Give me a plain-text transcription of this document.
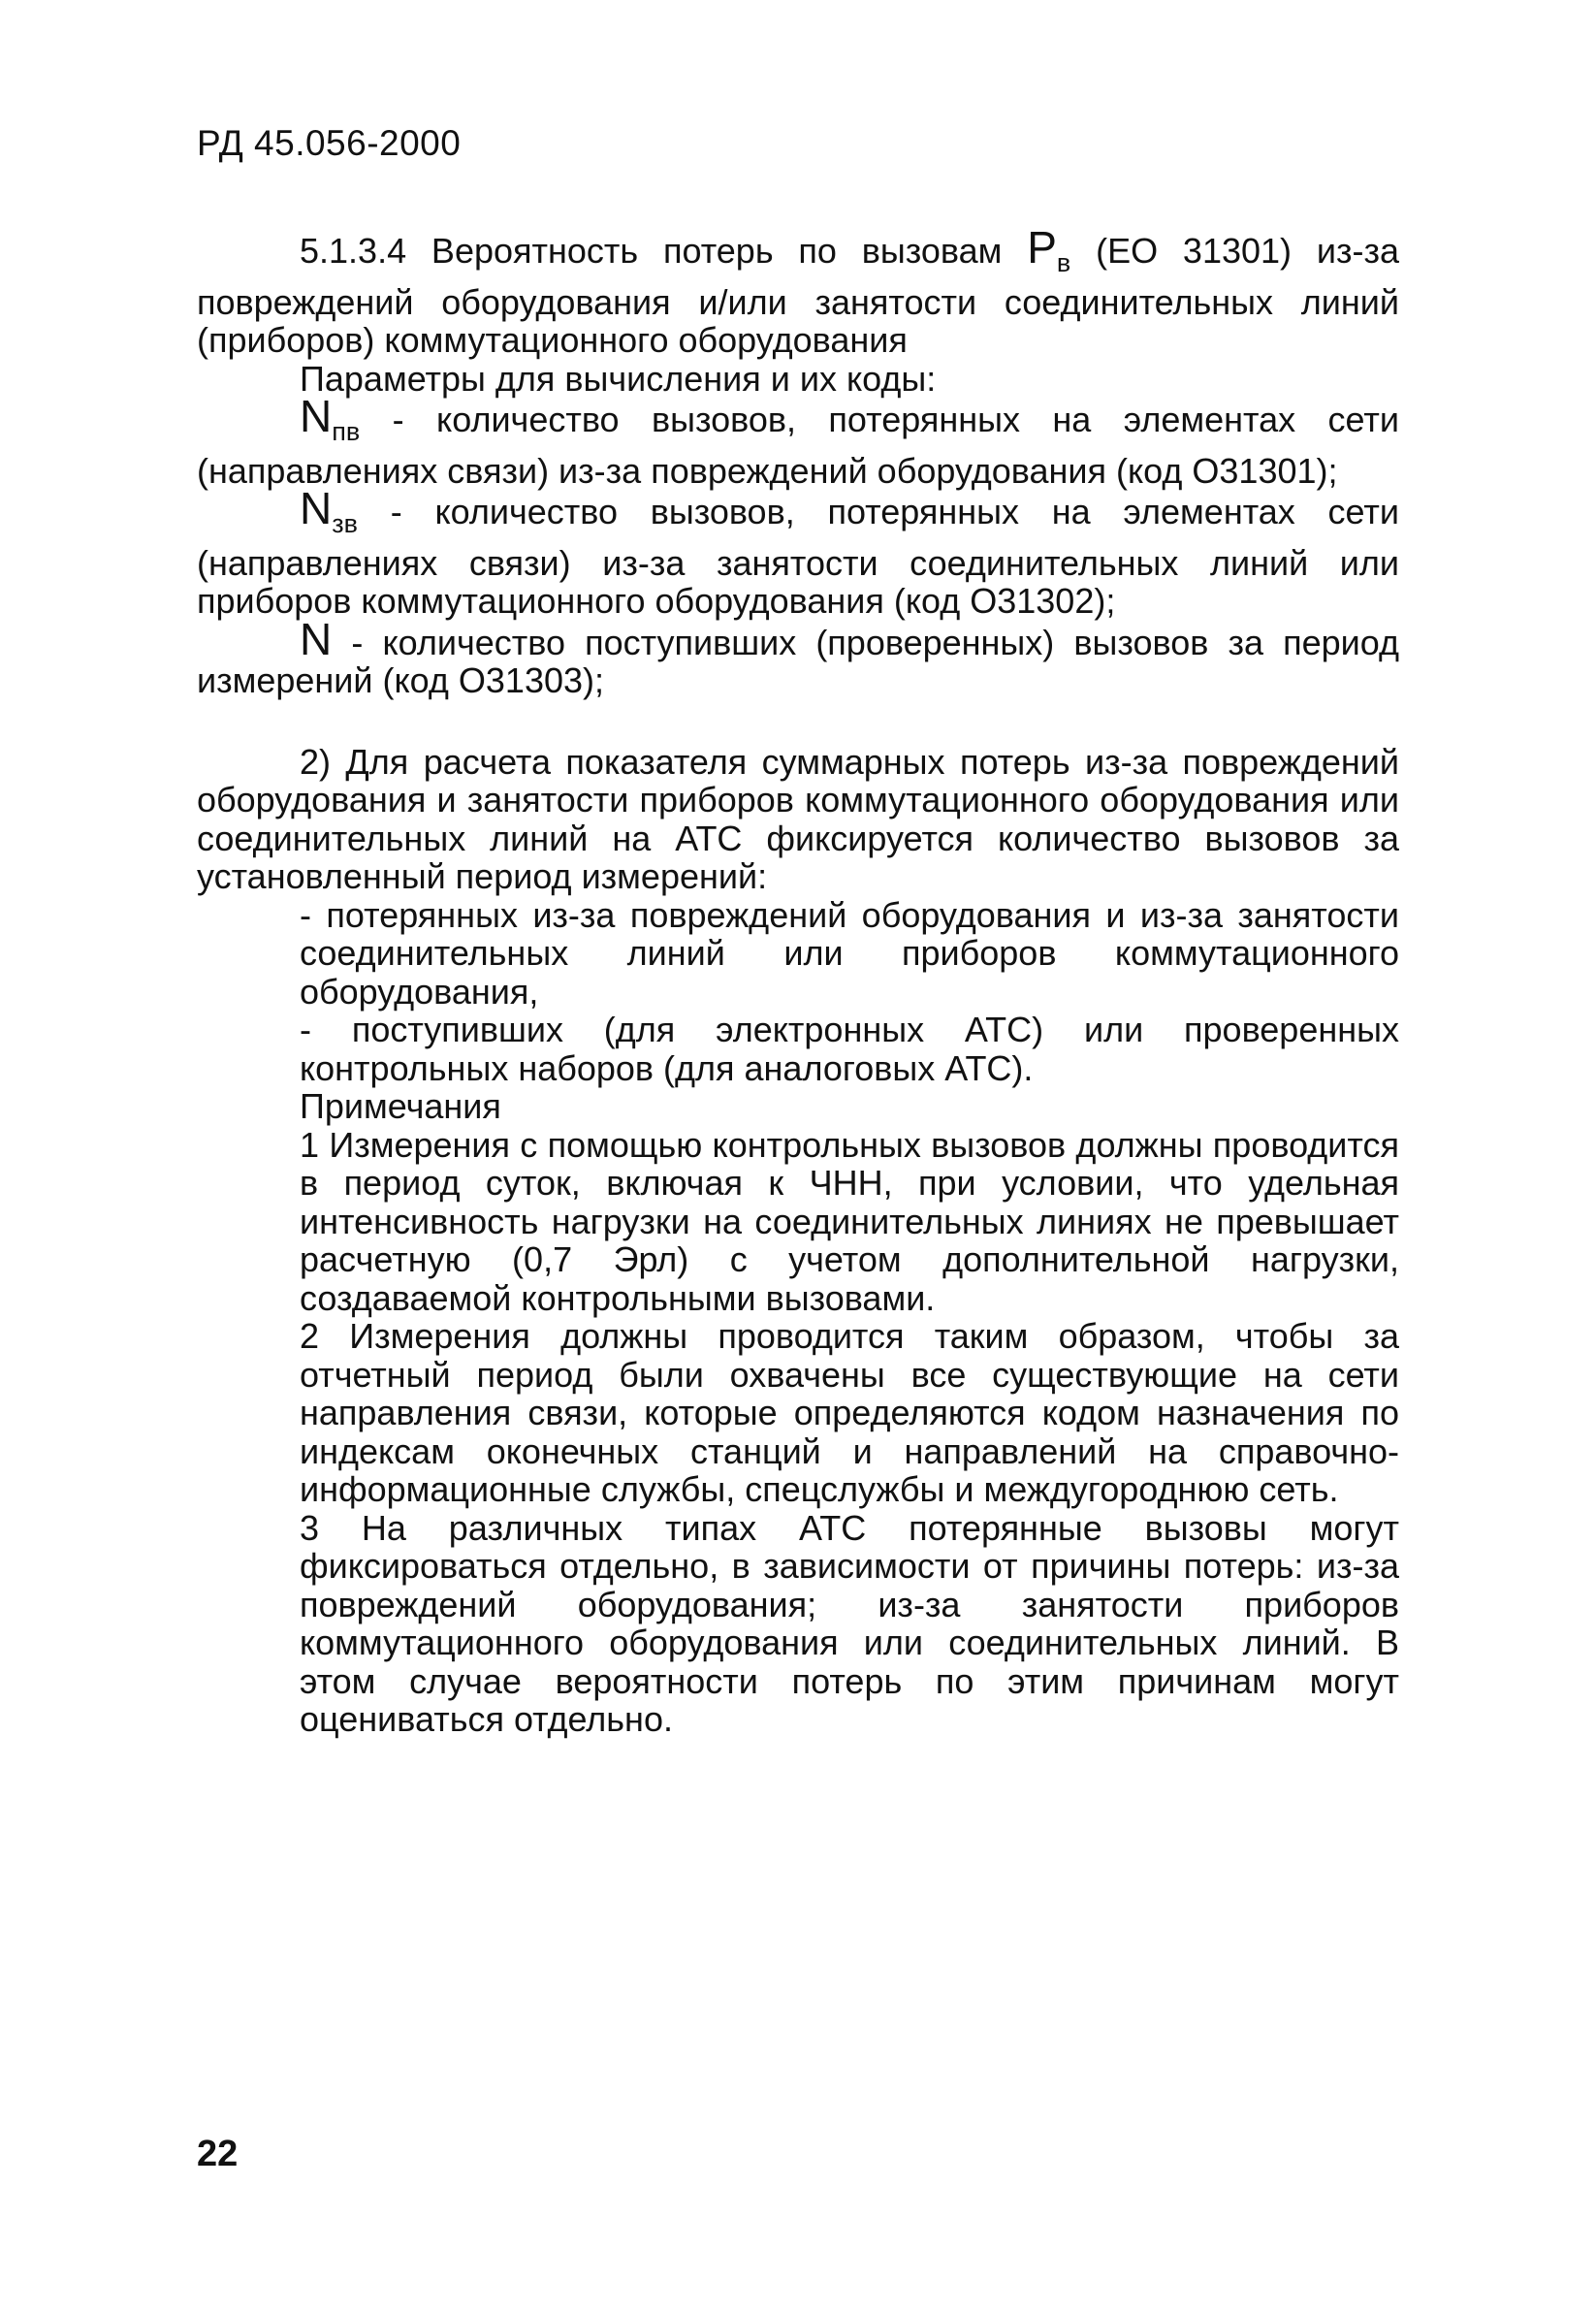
РД 45.056-2000

5.1.3.4 Вероятность потерь по вызовам $P_в$ (ЕО 31301) из-за повреждений оборудования и/или занятости соединительных линий (приборов) коммутационного оборудования

Параметры для вычисления и их коды:

$N_{пв}$ - количество вызовов, потерянных на элементах сети (направлениях связи) из-за повреждений оборудования (код О31301);

$N_{зв}$ - количество вызовов, потерянных на элементах сети (направлениях связи) из-за занятости соединительных линий или приборов коммутационного оборудования (код О31302);

N - количество поступивших (проверенных) вызовов за период измерений (код О31303);

2) Для расчета показателя суммарных потерь из-за повреждений оборудования и занятости приборов коммутационного оборудования или соединительных линий на АТС фиксируется количество вызовов за установленный период измерений:

- потерянных из-за повреждений оборудования и из-за занятости соединительных линий или приборов коммутационного оборудования,

- поступивших (для электронных АТС) или проверенных контрольных наборов (для аналоговых АТС).

Примечания

1 Измерения с помощью контрольных вызовов должны проводится в период суток, включая к ЧНН, при условии, что удельная интенсивность нагрузки на соединительных линиях не превышает расчетную (0,7 Эрл) с учетом дополнительной нагрузки, создаваемой контрольными вызовами.

2 Измерения должны проводится таким образом, чтобы за отчетный период были охвачены все существующие на сети направления связи, которые определяются кодом назначения по индексам оконечных станций и направлений на справочно-информационные службы, спецслужбы и междугороднюю сеть.

3 На различных типах АТС потерянные вызовы могут фиксироваться отдельно, в зависимости от причины потерь: из-за повреждений оборудования; из-за занятости приборов коммутационного оборудования или соединительных линий. В этом случае вероятности потерь по этим причинам могут оцениваться отдельно.

22
